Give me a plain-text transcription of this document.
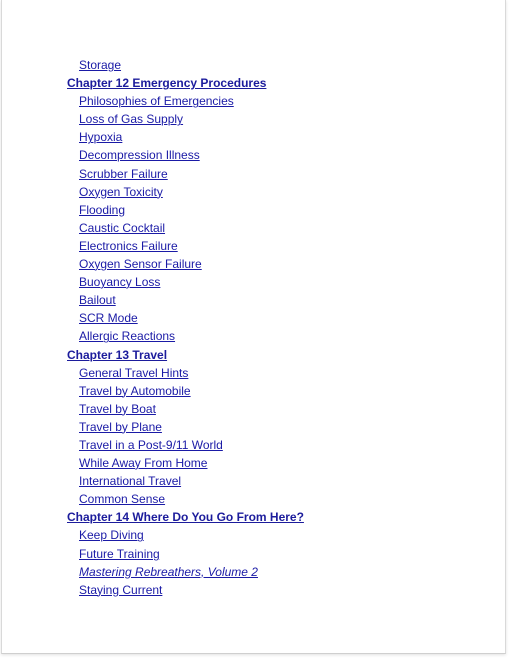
Storage
Chapter 12 Emergency Procedures
Philosophies of Emergencies
Loss of Gas Supply
Hypoxia
Decompression Illness
Scrubber Failure
Oxygen Toxicity
Flooding
Caustic Cocktail
Electronics Failure
Oxygen Sensor Failure
Buoyancy Loss
Bailout
SCR Mode
Allergic Reactions
Chapter 13 Travel
General Travel Hints
Travel by Automobile
Travel by Boat
Travel by Plane
Travel in a Post-9/11 World
While Away From Home
International Travel
Common Sense
Chapter 14 Where Do You Go From Here?
Keep Diving
Future Training
Mastering Rebreathers, Volume 2
Staying Current
